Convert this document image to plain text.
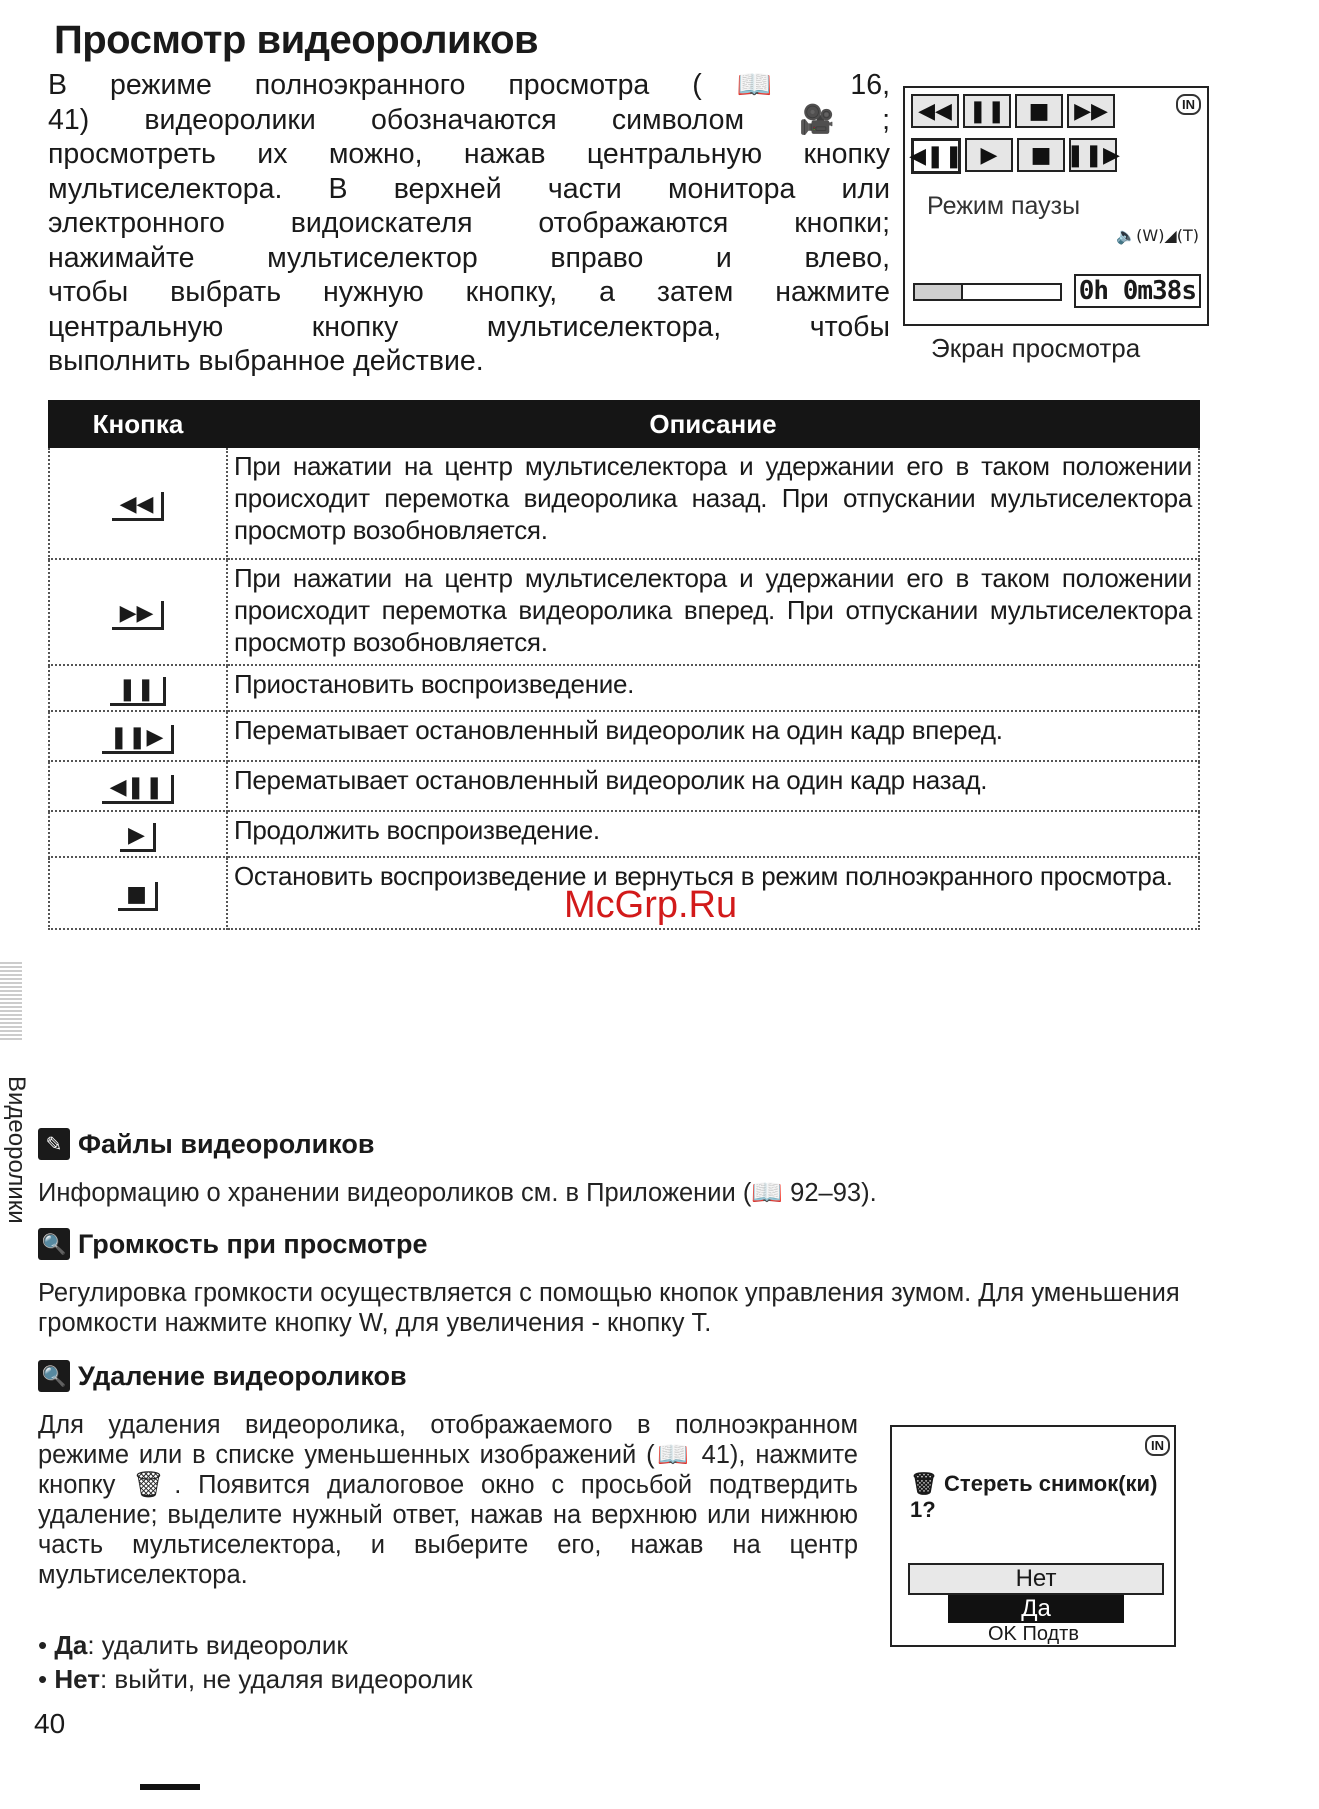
Просмотр видеороликов

В режиме полноэкранного просмотра (📖 16,

41) видеоролики обозначаются символом 🎥;

просмотреть их можно, нажав центральную кнопку

мультиселектора. В верхней части монитора или

электронного видоискателя отображаются кнопки;

нажимайте мультиселектор вправо и влево,

чтобы выбрать нужную кнопку, а затем нажмите

центральную кнопку мультиселектора, чтобы

выполнить выбранное действие.

◀◀ ❚❚	■	▶▶	IN
◀❚❚ ▶	■ ❚❚▶
Режим паузы
🔈(W)◢(T)
0h 0m38s
Экран просмотра
Кнопка	Описание
◀◀	При нажатии на центр мультиселектора и удержании его в таком положении происходит перемотка видеоролика назад. При отпускании мультиселектора просмотр возобновляется.
▶▶	При нажатии на центр мультиселектора и удержании его в таком положении происходит перемотка видеоролика вперед. При отпускании мультиселектора просмотр возобновляется.
❚❚	Приостановить воспроизведение.
❚❚▶	Перематывает остановленный видеоролик на один кадр вперед.
◀❚❚	Перематывает остановленный видеоролик на один кадр назад.
▶	Продолжить воспроизведение.
■	Остановить воспроизведение и вернуться в режим полноэкранного просмотра.
McGrp.Ru
Видеоролики ✎ Файлы видеороликов
Информацию о хранении видеороликов см. в Приложении (📖 92–93).
🔍 Громкость при просмотре
Регулировка громкости осуществляется с помощью кнопок управления зумом. Для уменьшения громкости нажмите кнопку W, для увеличения - кнопку T.
🔍 Удаление видеороликов
Для удаления видеоролика, отображаемого в полноэкранном режиме или в списке уменьшенных изображений (📖 41), нажмите кнопку 🗑. Появится диалоговое окно с просьбой подтвердить удаление; выделите нужный ответ, нажав на верхнюю или нижнюю часть мультиселектора, и выберите его, нажав на центр мультиселектора.
• Да: удалить видеоролик
• Нет: выйти, не удаляя видеоролик
IN
🗑 Стереть снимок(ки) 1?
Нет
Да
OK Подтв
40
